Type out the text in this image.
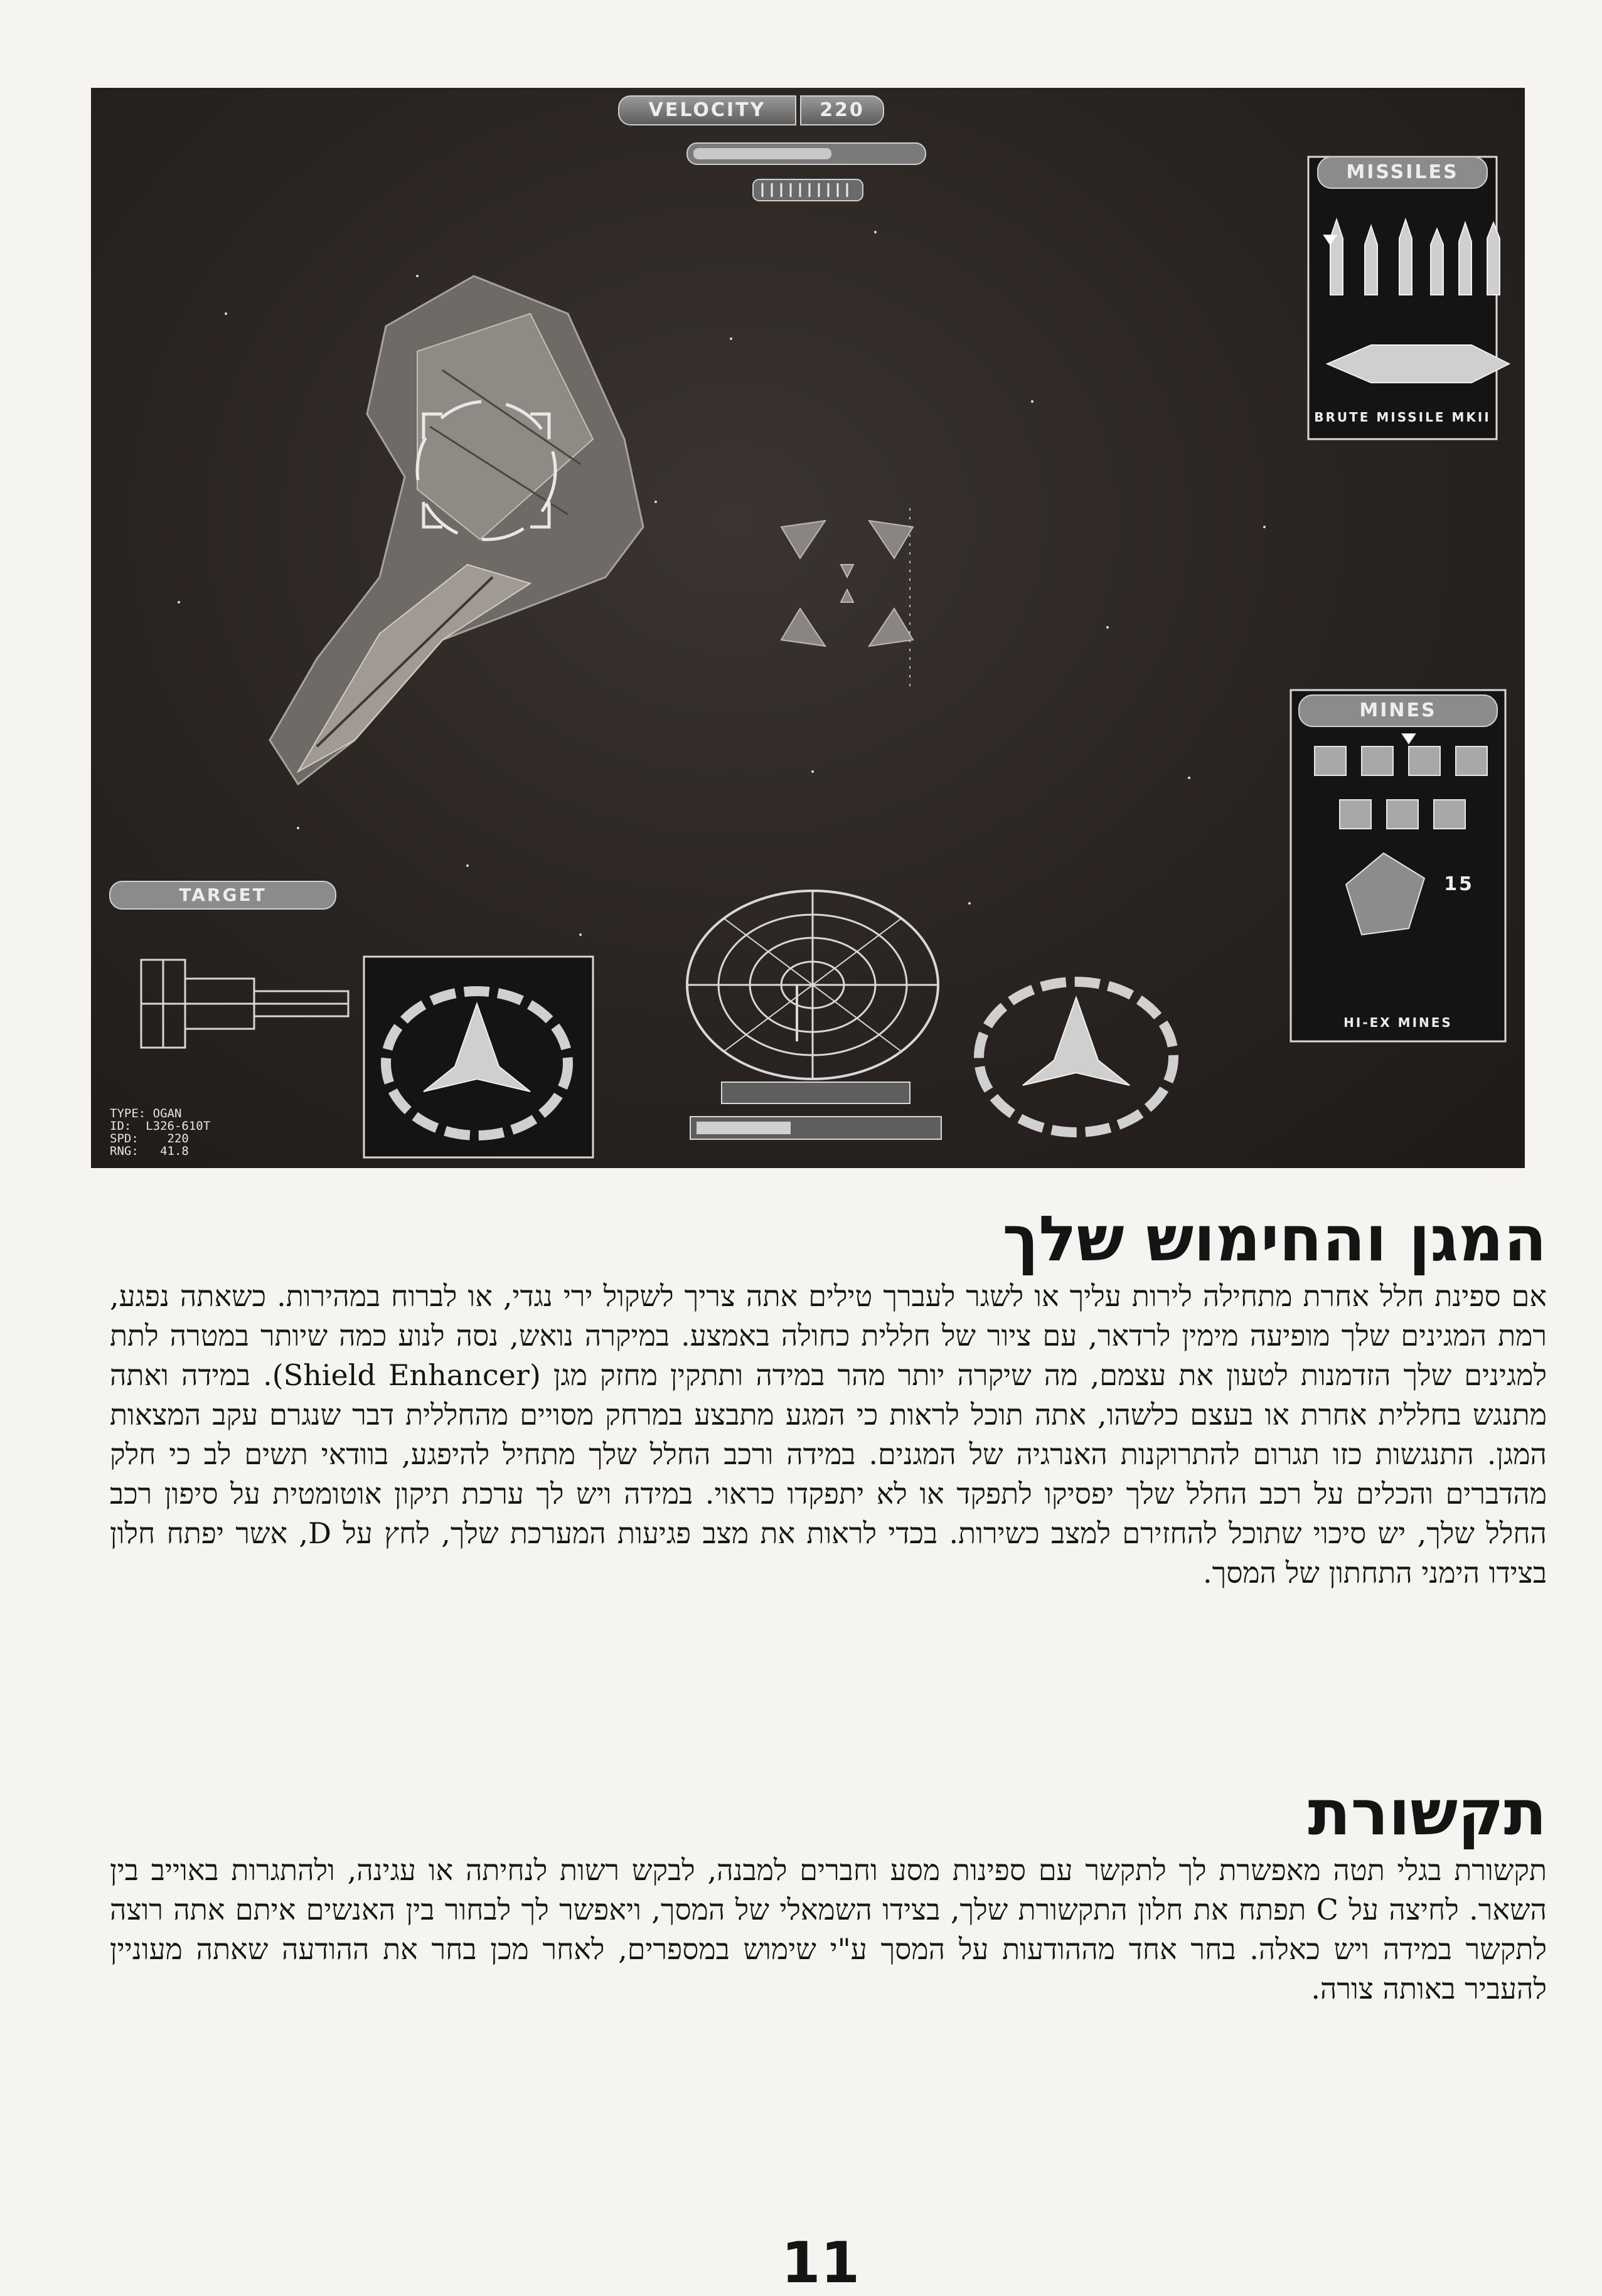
VELOCITY	220
MISSILES
BRUTE MISSILE MKII
MINES
15
HI-EX MINES
TARGET
TYPE: OGAN
ID:  L326-610T
SPD:    220
RNG:   41.8
המגן והחימוש שלך

אם ספינת חלל אחרת מתחילה לירות עליך או לשגר לעברך טילים אתה צריך לשקול ירי נגדי, או לברוח במהירות. כשאתה נפגע, רמת המגינים שלך מופיעה מימין לרדאר, עם ציור של חללית כחולה באמצע. במיקרה נואש, נסה לנוע כמה שיותר במטרה לתת למגינים שלך הזדמנות לטעון את עצמם, מה שיקרה יותר מהר במידה ותתקין מחזק מגן (Shield Enhancer). במידה ואתה מתנגש בחללית אחרת או בעצם כלשהו, אתה תוכל לראות כי המגע מתבצע במרחק מסויים מהחללית דבר שנגרם עקב המצאות המגן. התנגשות כזו תגרום להתרוקנות האנרגיה של המגנים. במידה ורכב החלל שלך מתחיל להיפגע, בוודאי תשים לב כי חלק מהדברים והכלים על רכב החלל שלך יפסיקו לתפקד או לא יתפקדו כראוי. במידה ויש לך ערכת תיקון אוטומטית על סיפון רכב החלל שלך, יש סיכוי שתוכל להחזירם למצב כשירות. בכדי לראות את מצב פגיעות המערכת שלך, לחץ על D, אשר יפתח חלון בצידו הימני התחתון של המסך.

תקשורת

תקשורת בגלי תטה מאפשרת לך לתקשר עם ספינות מסע וחברים למבנה, לבקש רשות לנחיתה או עגינה, ולהתגרות באוייב בין השאר. לחיצה על C תפתח את חלון התקשורת שלך, בצידו השמאלי של המסך, ויאפשר לך לבחור בין האנשים איתם אתה רוצה לתקשר במידה ויש כאלה. בחר אחד מההודעות על המסך ע"י שימוש במספרים, לאחר מכן בחר את ההודעה שאתה מעוניין להעביר באותה צורה.

11
